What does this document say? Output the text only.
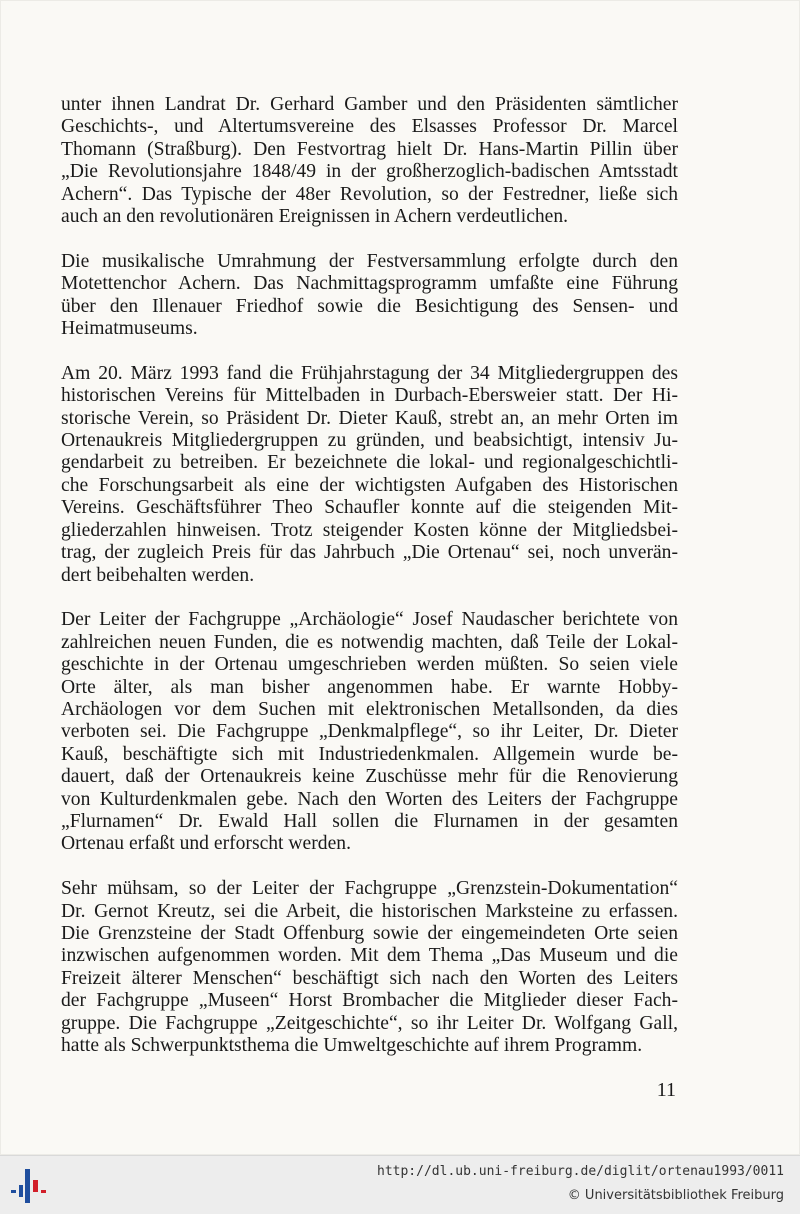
unter ihnen Landrat Dr. Gerhard Gamber und den Präsidenten sämtlicher
Geschichts-, und Altertumsvereine des Elsasses Professor Dr. Marcel
Thomann (Straßburg). Den Festvortrag hielt Dr. Hans-Martin Pillin über
„Die Revolutionsjahre 1848/49 in der großherzoglich-badischen Amtsstadt
Achern“. Das Typische der 48er Revolution, so der Festredner, ließe sich
auch an den revolutionären Ereignissen in Achern verdeutlichen.
Die musikalische Umrahmung der Festversammlung erfolgte durch den
Motettenchor Achern. Das Nachmittagsprogramm umfaßte eine Führung
über den Illenauer Friedhof sowie die Besichtigung des Sensen- und
Heimatmuseums.
Am 20. März 1993 fand die Frühjahrstagung der 34 Mitgliedergruppen des
historischen Vereins für Mittelbaden in Durbach-Ebersweier statt. Der Hi-
storische Verein, so Präsident Dr. Dieter Kauß, strebt an, an mehr Orten im
Ortenaukreis Mitgliedergruppen zu gründen, und beabsichtigt, intensiv Ju-
gendarbeit zu betreiben. Er bezeichnete die lokal- und regionalgeschichtli-
che Forschungsarbeit als eine der wichtigsten Aufgaben des Historischen
Vereins. Geschäftsführer Theo Schaufler konnte auf die steigenden Mit-
gliederzahlen hinweisen. Trotz steigender Kosten könne der Mitgliedsbei-
trag, der zugleich Preis für das Jahrbuch „Die Ortenau“ sei, noch unverän-
dert beibehalten werden.
Der Leiter der Fachgruppe „Archäologie“ Josef Naudascher berichtete von
zahlreichen neuen Funden, die es notwendig machten, daß Teile der Lokal-
geschichte in der Ortenau umgeschrieben werden müßten. So seien viele
Orte älter, als man bisher angenommen habe. Er warnte Hobby-
Archäologen vor dem Suchen mit elektronischen Metallsonden, da dies
verboten sei. Die Fachgruppe „Denkmalpflege“, so ihr Leiter, Dr. Dieter
Kauß, beschäftigte sich mit Industriedenkmalen. Allgemein wurde be-
dauert, daß der Ortenaukreis keine Zuschüsse mehr für die Renovierung
von Kulturdenkmalen gebe. Nach den Worten des Leiters der Fachgruppe
„Flurnamen“ Dr. Ewald Hall sollen die Flurnamen in der gesamten
Ortenau erfaßt und erforscht werden.
Sehr mühsam, so der Leiter der Fachgruppe „Grenzstein-Dokumentation“
Dr. Gernot Kreutz, sei die Arbeit, die historischen Marksteine zu erfassen.
Die Grenzsteine der Stadt Offenburg sowie der eingemeindeten Orte seien
inzwischen aufgenommen worden. Mit dem Thema „Das Museum und die
Freizeit älterer Menschen“ beschäftigt sich nach den Worten des Leiters
der Fachgruppe „Museen“ Horst Brombacher die Mitglieder dieser Fach-
gruppe. Die Fachgruppe „Zeitgeschichte“, so ihr Leiter Dr. Wolfgang Gall,
hatte als Schwerpunktsthema die Umweltgeschichte auf ihrem Programm.
11
http://dl.ub.uni-freiburg.de/diglit/ortenau1993/0011
© Universitätsbibliothek Freiburg
